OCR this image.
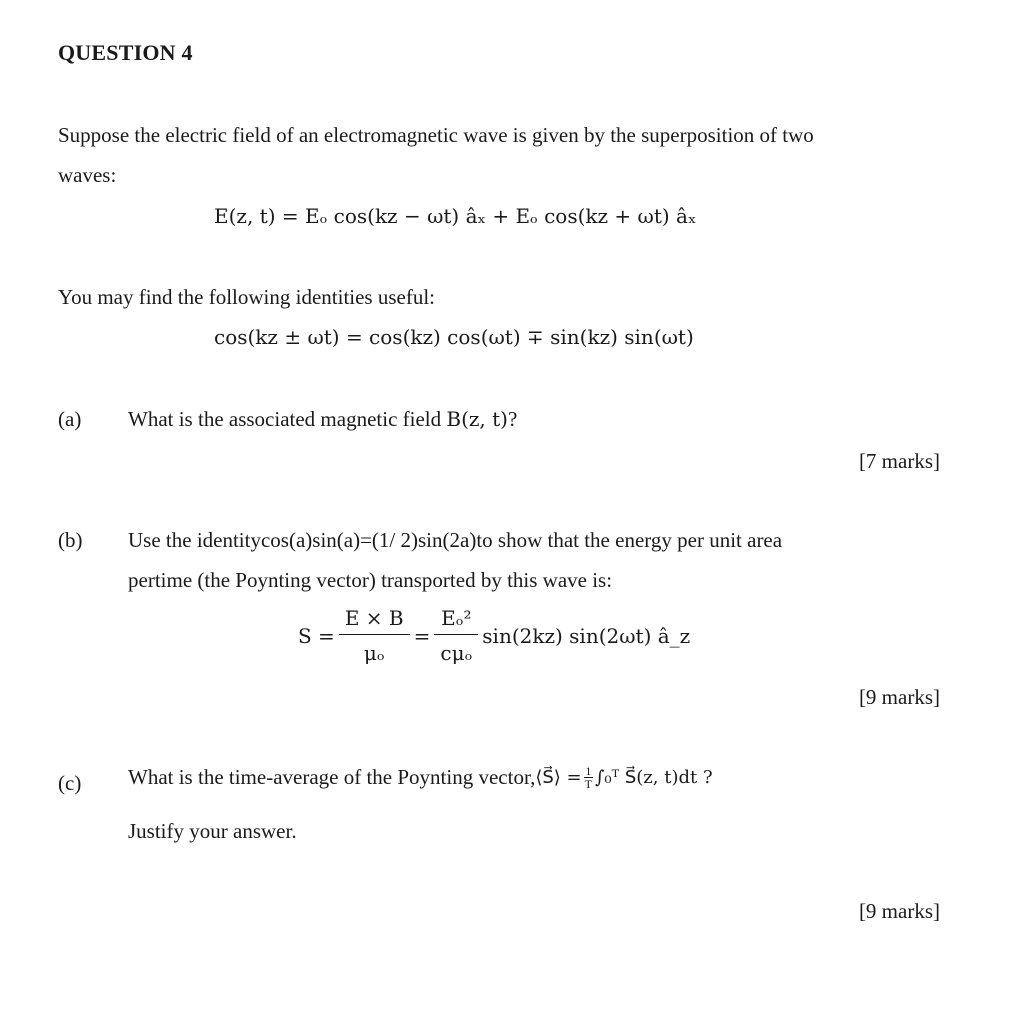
QUESTION 4
Suppose the electric field of an electromagnetic wave is given by the superposition of two
waves:
E(z, t) = Eₒ cos(kz − ωt) âₓ + Eₒ cos(kz + ωt) âₓ
You may find the following identities useful:
cos(kz ± ωt) = cos(kz) cos(ωt) ∓ sin(kz) sin(ωt)
(a) What is the associated magnetic field B(z, t)?
[7 marks]
(b) Use the identitycos(a)sin(a)=(1/ 2)sin(2a)to show that the energy per unit area
pertime (the Poynting vector) transported by this wave is:
$S = \frac{E \times B}{\text{μₒ}} = \frac{\text{Eₒ²}}{\text{cμₒ}} \sin(2kz)$ sin(2ωt) â_z
[9 marks]
(c) What is the time-average of the Poynting vector, ⟨S⃗⟩ = $\frac{1}{T}$ ∫₀ᵀ S⃗(z, t)dt ?
Justify your answer.
[9 marks]
